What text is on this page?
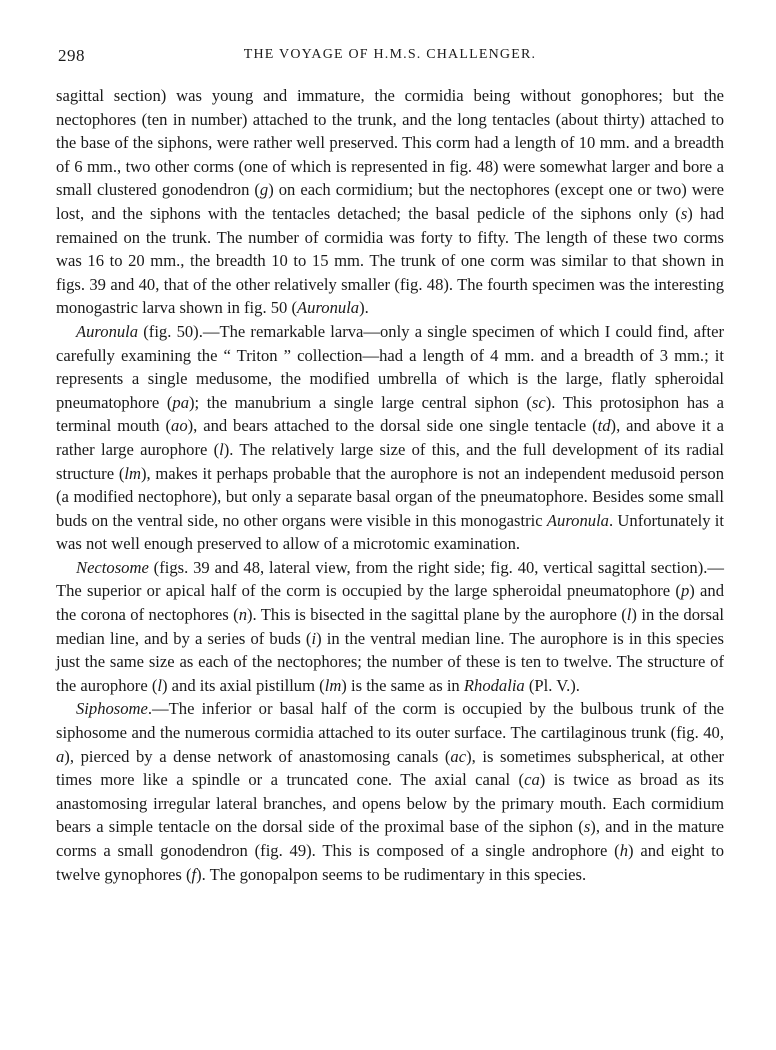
298	THE VOYAGE OF H.M.S. CHALLENGER.

sagittal section) was young and immature, the cormidia being without gonophores; but the nectophores (ten in number) attached to the trunk, and the long tentacles (about thirty) attached to the base of the siphons, were rather well preserved. This corm had a length of 10 mm. and a breadth of 6 mm., two other corms (one of which is represented in fig. 48) were somewhat larger and bore a small clustered gonodendron (g) on each cormidium; but the nectophores (except one or two) were lost, and the siphons with the tentacles detached; the basal pedicle of the siphons only (s) had remained on the trunk. The number of cormidia was forty to fifty. The length of these two corms was 16 to 20 mm., the breadth 10 to 15 mm. The trunk of one corm was similar to that shown in figs. 39 and 40, that of the other relatively smaller (fig. 48). The fourth specimen was the interesting monogastric larva shown in fig. 50 (Auronula).

Auronula (fig. 50).—The remarkable larva—only a single specimen of which I could find, after carefully examining the “ Triton ” collection—had a length of 4 mm. and a breadth of 3 mm.; it represents a single medusome, the modified umbrella of which is the large, flatly spheroidal pneumatophore (pa); the manubrium a single large central siphon (sc). This protosiphon has a terminal mouth (ao), and bears attached to the dorsal side one single tentacle (td), and above it a rather large aurophore (l). The relatively large size of this, and the full development of its radial structure (lm), makes it perhaps probable that the aurophore is not an independent medusoid person (a modified nectophore), but only a separate basal organ of the pneumatophore. Besides some small buds on the ventral side, no other organs were visible in this monogastric Auronula. Unfortunately it was not well enough preserved to allow of a microtomic examination.

Nectosome (figs. 39 and 48, lateral view, from the right side; fig. 40, vertical sagittal section).—The superior or apical half of the corm is occupied by the large spheroidal pneumatophore (p) and the corona of nectophores (n). This is bisected in the sagittal plane by the aurophore (l) in the dorsal median line, and by a series of buds (i) in the ventral median line. The aurophore is in this species just the same size as each of the nectophores; the number of these is ten to twelve. The structure of the aurophore (l) and its axial pistillum (lm) is the same as in Rhodalia (Pl. V.).

Siphosome.—The inferior or basal half of the corm is occupied by the bulbous trunk of the siphosome and the numerous cormidia attached to its outer surface. The cartilaginous trunk (fig. 40, a), pierced by a dense network of anastomosing canals (ac), is sometimes subspherical, at other times more like a spindle or a truncated cone. The axial canal (ca) is twice as broad as its anastomosing irregular lateral branches, and opens below by the primary mouth. Each cormidium bears a simple tentacle on the dorsal side of the proximal base of the siphon (s), and in the mature corms a small gonodendron (fig. 49). This is composed of a single androphore (h) and eight to twelve gynophores (f). The gonopalpon seems to be rudimentary in this species.
